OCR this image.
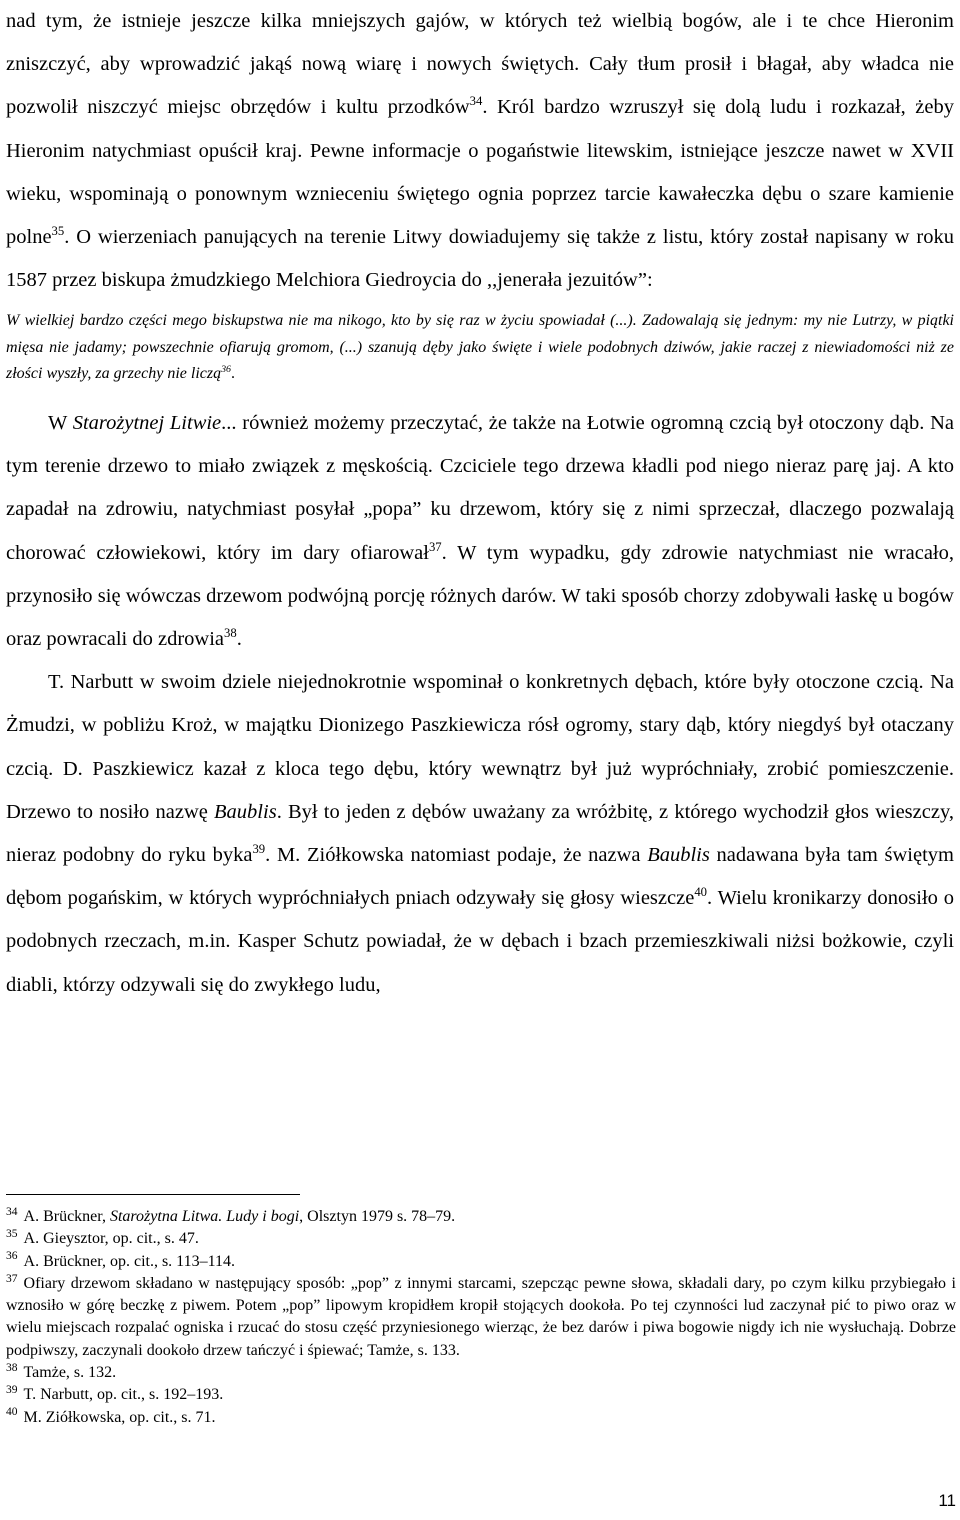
nad tym, że istnieje jeszcze kilka mniejszych gajów, w których też wielbią bogów, ale i te chce Hieronim zniszczyć, aby wprowadzić jakąś nową wiarę i nowych świętych. Cały tłum prosił i błagał, aby władca nie pozwolił niszczyć miejsc obrzędów i kultu przodków$^{34}$. Król bardzo wzruszył się dolą ludu i rozkazał, żeby Hieronim natychmiast opuścił kraj. Pewne informacje o pogaństwie litewskim, istniejące jeszcze nawet w XVII wieku, wspominają o ponownym wznieceniu świętego ognia poprzez tarcie kawałeczka dębu o szare kamienie polne$^{35}$. O wierzeniach panujących na terenie Litwy dowiadujemy się także z listu, który został napisany w roku 1587 przez biskupa żmudzkiego Melchiora Giedroycia do ,,jenerała jezuitów”:

W wielkiej bardzo części mego biskupstwa nie ma nikogo, kto by się raz w życiu spowiadał (...). Zadowalają się jednym: my nie Lutrzy, w piątki mięsa nie jadamy; powszechnie ofiarują gromom, (...) szanują dęby jako święte i wiele podobnych dziwów, jakie raczej z niewiadomości niż ze złości wyszły, za grzechy nie liczą$^{36}$.

W Starożytnej Litwie... również możemy przeczytać, że także na Łotwie ogromną czcią był otoczony dąb. Na tym terenie drzewo to miało związek z męskością. Czciciele tego drzewa kładli pod niego nieraz parę jaj. A kto zapadał na zdrowiu, natychmiast posyłał „popa” ku drzewom, który się z nimi sprzeczał, dlaczego pozwalają chorować człowiekowi, który im dary ofiarował$^{37}$. W tym wypadku, gdy zdrowie natychmiast nie wracało, przynosiło się wówczas drzewom podwójną porcję różnych darów. W taki sposób chorzy zdobywali łaskę u bogów oraz powracali do zdrowia$^{38}$.

T. Narbutt w swoim dziele niejednokrotnie wspominał o konkretnych dębach, które były otoczone czcią. Na Żmudzi, w pobliżu Kroż, w majątku Dionizego Paszkiewicza rósł ogromy, stary dąb, który niegdyś był otaczany czcią. D. Paszkiewicz kazał z kloca tego dębu, który wewnątrz był już wypróchniały, zrobić pomieszczenie. Drzewo to nosiło nazwę Baublis. Był to jeden z dębów uważany za wróżbitę, z którego wychodził głos wieszczy, nieraz podobny do ryku byka$^{39}$. M. Ziółkowska natomiast podaje, że nazwa Baublis nadawana była tam świętym dębom pogańskim, w których wypróchniałych pniach odzywały się głosy wieszcze$^{40}$. Wielu kronikarzy donosiło o podobnych rzeczach, m.in. Kasper Schutz powiadał, że w dębach i bzach przemieszkiwali niżsi bożkowie, czyli diabli, którzy odzywali się do zwykłego ludu,

$^{34}$ A. Brückner, Starożytna Litwa. Ludy i bogi, Olsztyn 1979 s. 78–79.

$^{35}$ A. Gieysztor, op. cit., s. 47.

$^{36}$ A. Brückner, op. cit., s. 113–114.

$^{37}$ Ofiary drzewom składano w następujący sposób: „pop” z innymi starcami, szepcząc pewne słowa, składali dary, po czym kilku przybiegało i wznosiło w górę beczkę z piwem. Potem „pop” lipowym kropidłem kropił stojących dookoła. Po tej czynności lud zaczynał pić to piwo oraz w wielu miejscach rozpalać ogniska i rzucać do stosu część przyniesionego wierząc, że bez darów i piwa bogowie nigdy ich nie wysłuchają. Dobrze podpiwszy, zaczynali dookoło drzew tańczyć i śpiewać; Tamże, s. 133.

$^{38}$ Tamże, s. 132.

$^{39}$ T. Narbutt, op. cit., s. 192–193.

$^{40}$ M. Ziółkowska, op. cit., s. 71.

11
